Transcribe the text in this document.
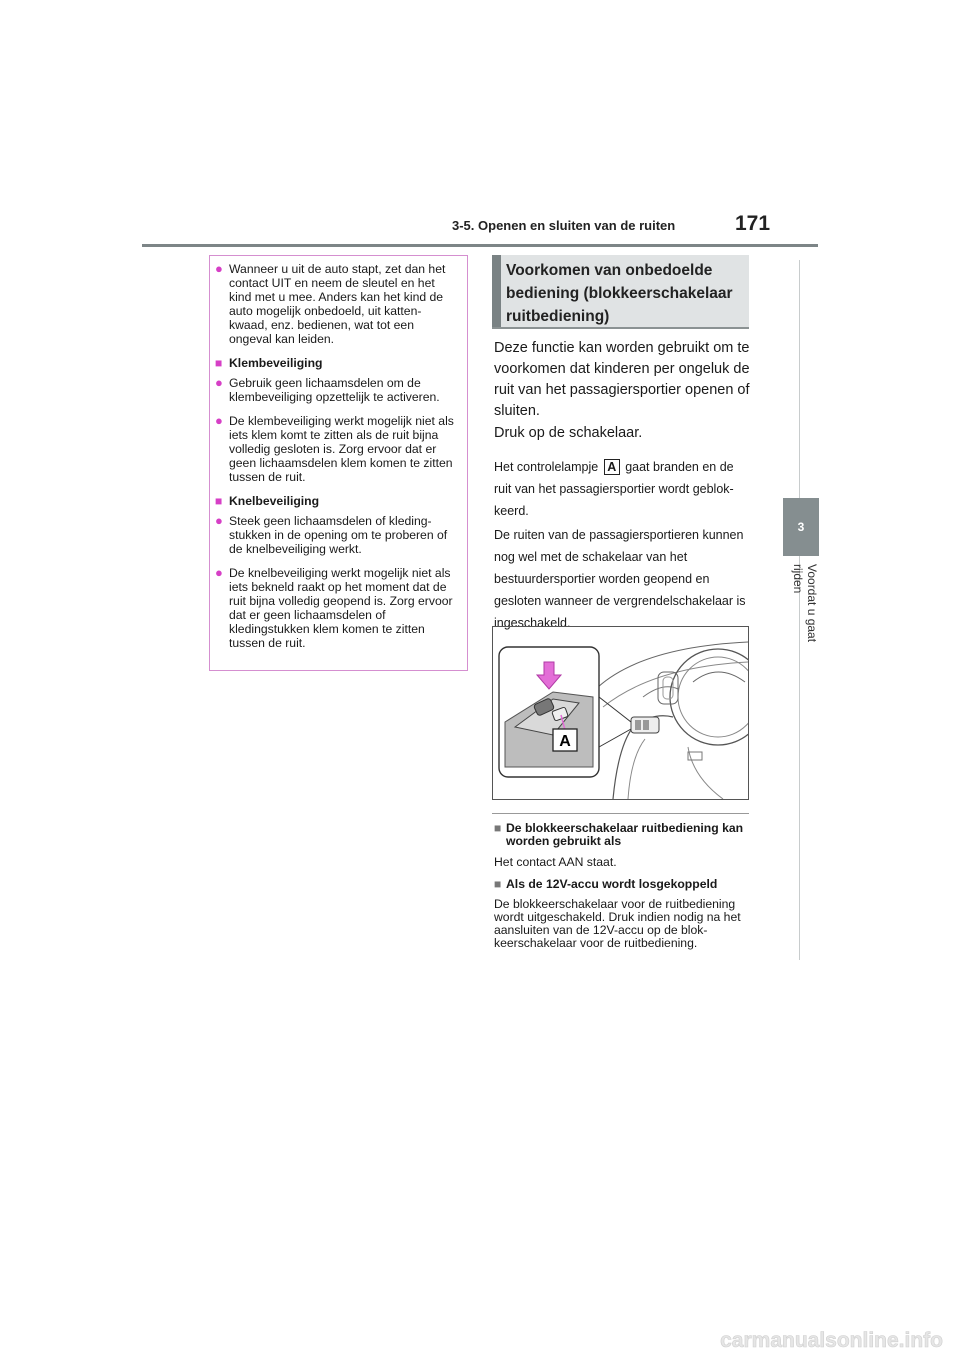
3-5. Openen en sluiten van de ruiten	171
3
Voordat u gaat rijden
● Wanneer u uit de auto stapt, zet dan het contact UIT en neem de sleutel en het kind met u mee. Anders kan het kind de auto mogelijk onbedoeld, uit katten-kwaad, enz. bedienen, wat tot een ongeval kan leiden.
■ Klembeveiliging
● Gebruik geen lichaamsdelen om de klembeveiliging opzettelijk te activeren.
● De klembeveiliging werkt mogelijk niet als iets klem komt te zitten als de ruit bijna volledig gesloten is. Zorg ervoor dat er geen lichaamsdelen klem komen te zitten tussen de ruit.
■ Knelbeveiliging
● Steek geen lichaamsdelen of kleding-stukken in de opening om te proberen of de knelbeveiliging werkt.
● De knelbeveiliging werkt mogelijk niet als iets bekneld raakt op het moment dat de ruit bijna volledig geopend is. Zorg ervoor dat er geen lichaamsdelen of kledingstukken klem komen te zitten tussen de ruit.
Voorkomen van onbedoelde bediening (blokkeerschakelaar ruitbediening)
Deze functie kan worden gebruikt om te voorkomen dat kinderen per ongeluk de ruit van het passagiersportier openen of sluiten.
Druk op de schakelaar.
Het controlelampje A gaat branden en de ruit van het passagiersportier wordt geblok-keerd.
De ruiten van de passagiersportieren kunnen nog wel met de schakelaar van het bestuurdersportier worden geopend en gesloten wanneer de vergrendelschakelaar is ingeschakeld.
A
■ De blokkeerschakelaar ruitbediening kan worden gebruikt als
Het contact AAN staat.
■ Als de 12V-accu wordt losgekoppeld
De blokkeerschakelaar voor de ruitbediening wordt uitgeschakeld. Druk indien nodig na het aansluiten van de 12V-accu op de blok-keerschakelaar voor de ruitbediening.
carmanualsonline.info
